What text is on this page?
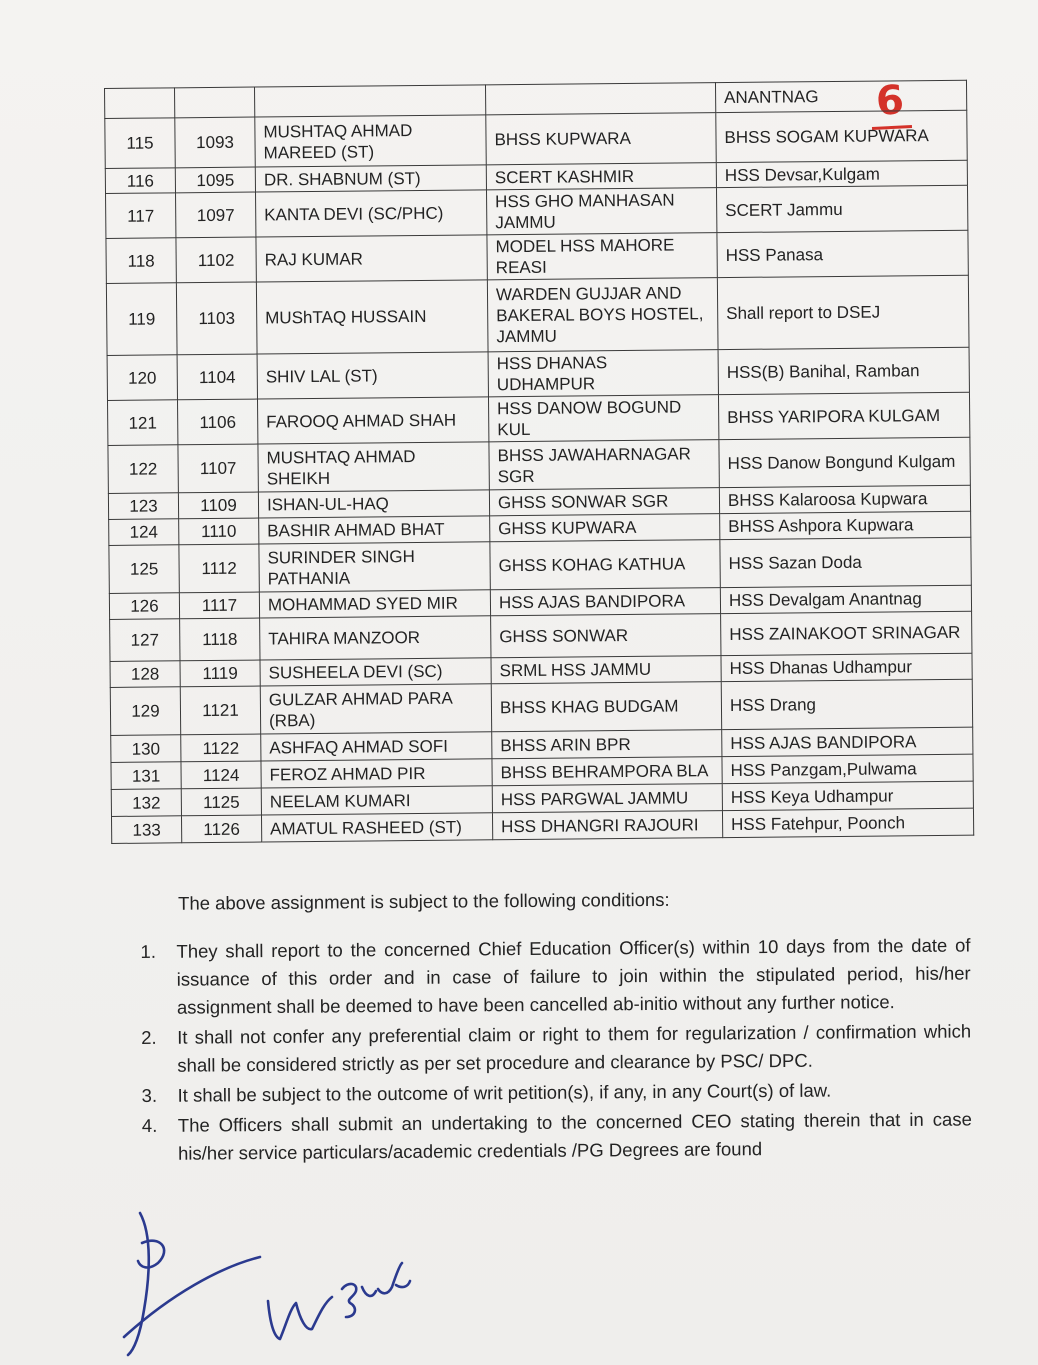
6
				ANANTNAG
115	1093	MUSHTAQ AHMAD MAREED (ST)	BHSS KUPWARA	BHSS SOGAM KUPWARA
116	1095	DR. SHABNUM (ST)	SCERT KASHMIR	HSS Devsar,Kulgam
117	1097	KANTA DEVI (SC/PHC)	HSS GHO MANHASAN JAMMU	SCERT Jammu
118	1102	RAJ KUMAR	MODEL HSS MAHORE REASI	HSS Panasa
119	1103	MUShTAQ HUSSAIN	WARDEN GUJJAR AND BAKERAL BOYS HOSTEL, JAMMU	Shall report to DSEJ
120	1104	SHIV LAL (ST)	HSS DHANAS UDHAMPUR	HSS(B) Banihal, Ramban
121	1106	FAROOQ AHMAD SHAH	HSS DANOW BOGUND KUL	BHSS YARIPORA KULGAM
122	1107	MUSHTAQ AHMAD SHEIKH	BHSS JAWAHARNAGAR SGR	HSS Danow Bongund Kulgam
123	1109	ISHAN-UL-HAQ	GHSS SONWAR SGR	BHSS Kalaroosa Kupwara
124	1110	BASHIR AHMAD BHAT	GHSS KUPWARA	BHSS Ashpora Kupwara
125	1112	SURINDER SINGH PATHANIA	GHSS KOHAG KATHUA	HSS Sazan Doda
126	1117	MOHAMMAD SYED MIR	HSS AJAS BANDIPORA	HSS Devalgam Anantnag
127	1118	TAHIRA MANZOOR	GHSS SONWAR	HSS ZAINAKOOT SRINAGAR
128	1119	SUSHEELA DEVI (SC)	SRML HSS JAMMU	HSS Dhanas Udhampur
129	1121	GULZAR AHMAD PARA (RBA)	BHSS KHAG BUDGAM	HSS Drang
130	1122	ASHFAQ AHMAD SOFI	BHSS ARIN BPR	HSS AJAS BANDIPORA
131	1124	FEROZ AHMAD PIR	BHSS BEHRAMPORA BLA	HSS Panzgam,Pulwama
132	1125	NEELAM KUMARI	HSS PARGWAL JAMMU	HSS Keya Udhampur
133	1126	AMATUL RASHEED (ST)	HSS DHANGRI RAJOURI	HSS Fatehpur, Poonch
The above assignment is subject to the following conditions:
1.	They shall report to the concerned Chief Education Officer(s) within 10 days from the date of issuance of this order and in case of failure to join within the stipulated period, his/her assignment shall be deemed to have been cancelled ab-initio without any further notice.
2.	It shall not confer any preferential claim or right to them for regularization / confirmation which shall be considered strictly as per set procedure and clearance by PSC/ DPC.
3.	It shall be subject to the outcome of writ petition(s), if any, in any Court(s) of law.
4.	The Officers shall submit an undertaking to the concerned CEO stating therein that in case his/her service particulars/academic credentials /PG Degrees are found
